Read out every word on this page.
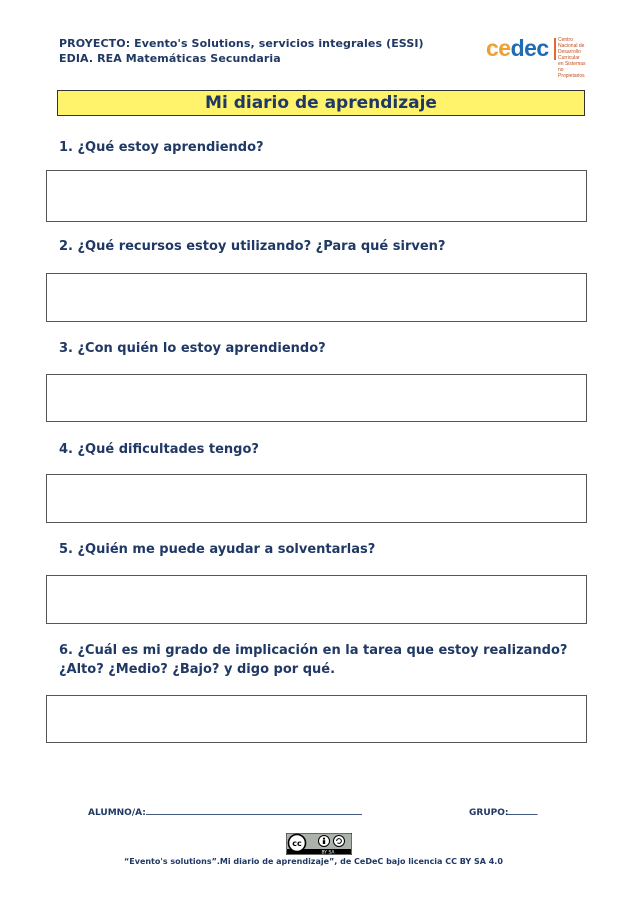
PROYECTO: Evento's Solutions, servicios integrales (ESSI)
EDIA. REA Matemáticas Secundaria	cedec Centro Nacional de
Desarrollo Curricular
en Sistemas no Propietarios
Mi diario de aprendizaje
1. ¿Qué estoy aprendiendo?
2. ¿Qué recursos estoy utilizando? ¿Para qué sirven?
3. ¿Con quién lo estoy aprendiendo?
4. ¿Qué dificultades tengo?
5. ¿Quién me puede ayudar a solventarlas?
6. ¿Cuál es mi grado de implicación en la tarea que estoy realizando?
¿Alto? ¿Medio? ¿Bajo? y digo por qué.
ALUMNO/A: ________________________________________________	GRUPO:
_______
cc
BY SA
“Evento's solutions”.Mi diario de aprendizaje”, de CeDeC bajo licencia CC BY SA 4.0
